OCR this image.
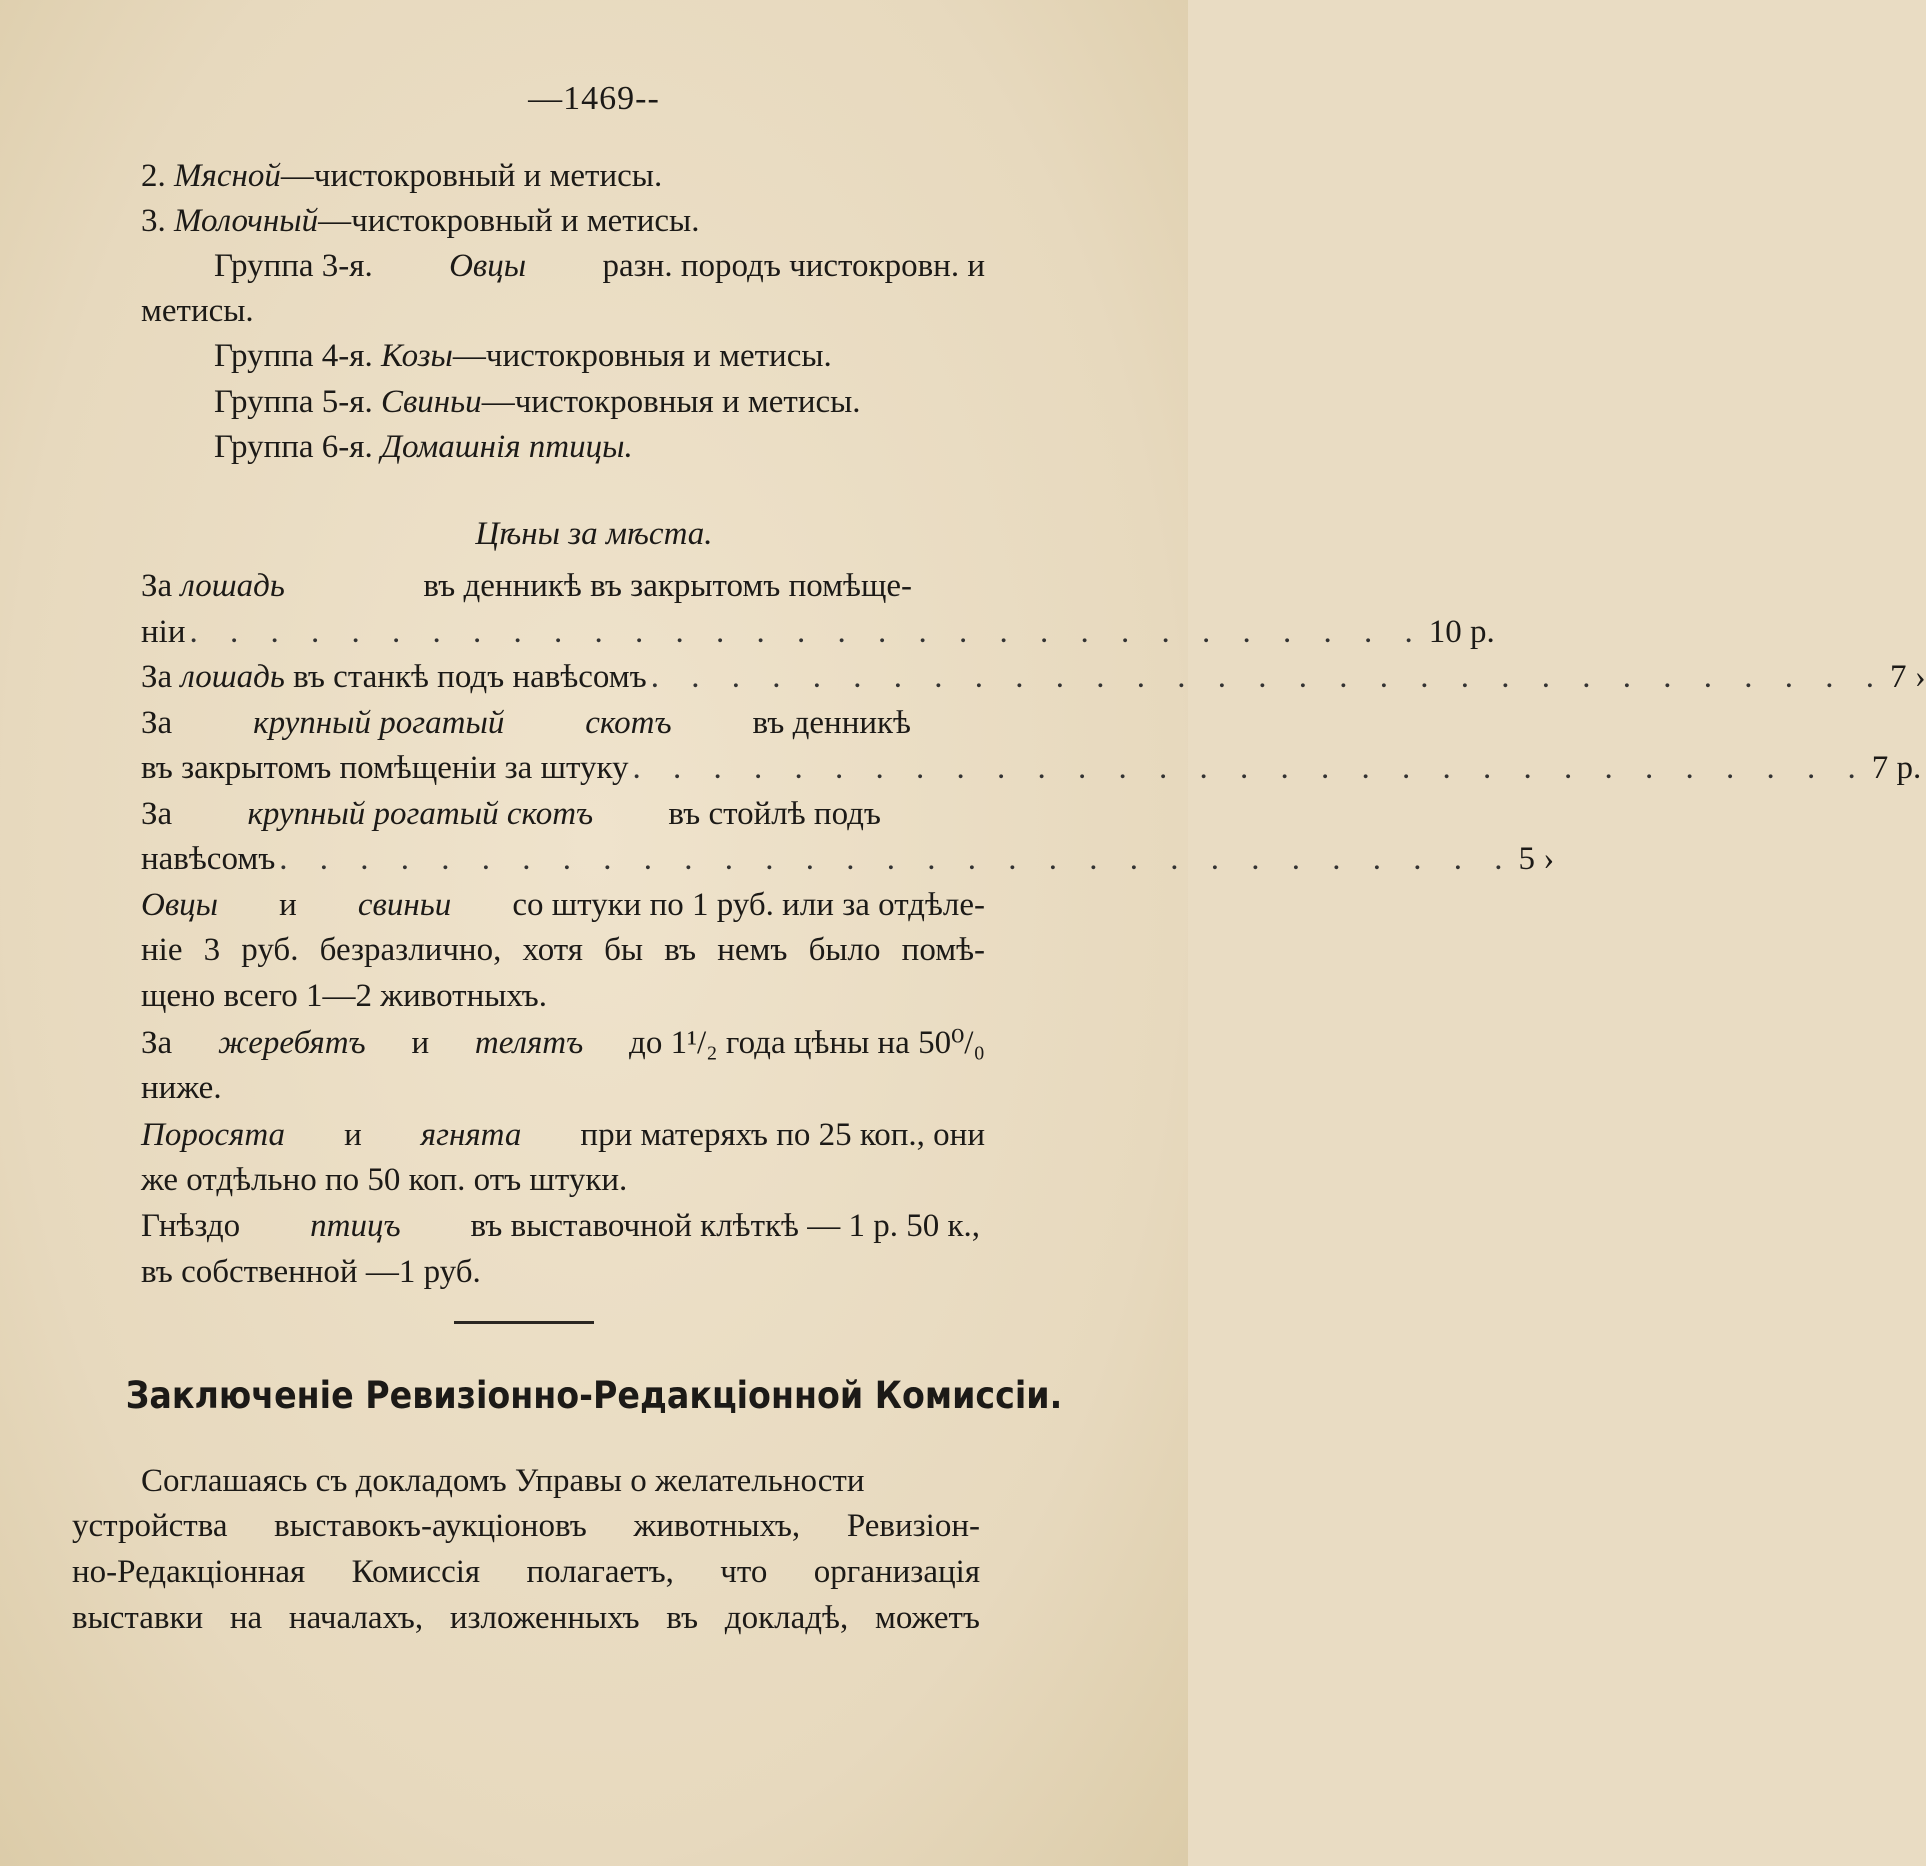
—1469--
2. Мясной—чистокровный и метисы.
3. Молочный—чистокровный и метисы.
Группа 3-я. Овцы разн. породъ чистокровн. и
метисы.
Группа 4-я. Козы—чистокровныя и метисы.
Группа 5-я. Свиньи—чистокровныя и метисы.
Группа 6-я. Домашнія птицы.
Цѣны за мѣста.
За лошадь	въ денникѣ въ закрытомъ помѣще-
ніи . . . . . . . . . . . . . . . . . . . . . . . . . . . . . . . 10 р.
За лошадь въ станкѣ подъ навѣсомъ . . . . . . . . . . . . . . . . . . . . . . . . . . . . . . . 7 ›
За крупный рогатый скотъ въ денникѣ
въ закрытомъ помѣщеніи за штуку . . . . . . . . . . . . . . . . . . . . . . . . . . . . . . . 7 р.
За крупный рогатый скотъ въ стойлѣ подъ
навѣсомъ . . . . . . . . . . . . . . . . . . . . . . . . . . . . . . . 5 ›
Овцы и свиньи со штуки по 1 руб. или за отдѣле-
ніе 3 руб. безразлично, хотя бы въ немъ было помѣ-
щено всего 1—2 животныхъ.
За жеребятъ и телятъ до 1¹/₂ года цѣны на 50⁰/₀
ниже.
Поросята и ягнята при матеряхъ по 25 коп., они
же отдѣльно по 50 коп. отъ штуки.
Гнѣздо птицъ въ выставочной клѣткѣ — 1 р. 50 к.,
въ собственной —1 руб.
Заключеніе Ревизіонно-Редакціонной Комиссіи.
Соглашаясь съ докладомъ Управы о желательности
устройства выставокъ-аукціоновъ животныхъ, Ревизіон-
но-Редакціонная Комиссія полагаетъ, что организація
выставки на началахъ, изложенныхъ въ докладѣ, можетъ
